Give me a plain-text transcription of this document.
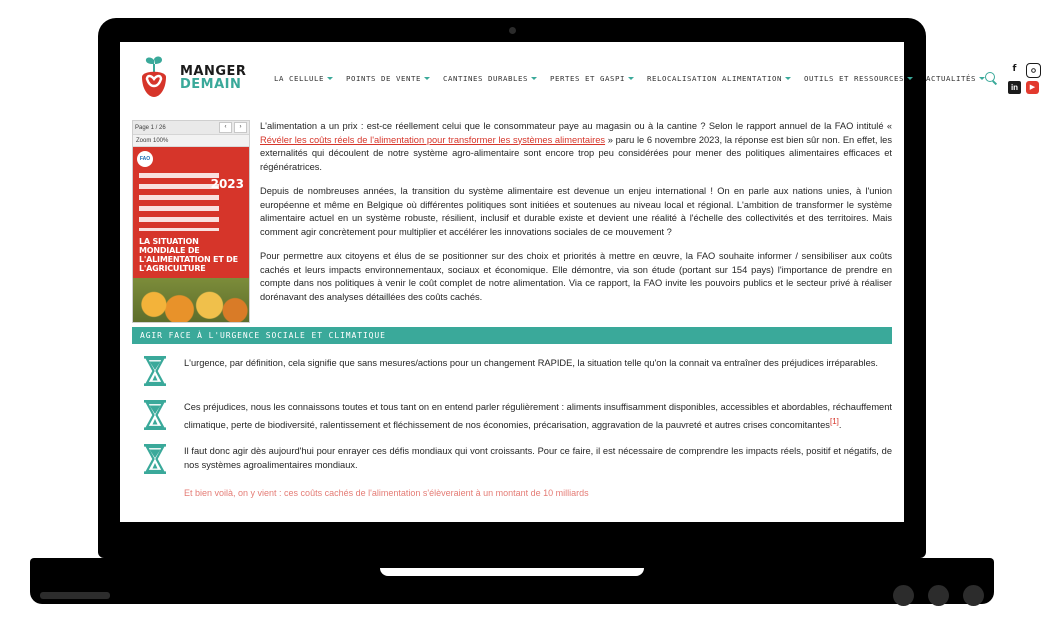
MANGER
DEMAIN	LA CELLULE	POINTS DE VENTE	CANTINES DURABLES	PERTES ET GASPI	RELOCALISATION ALIMENTATION	OUTILS ET RESSOURCES	ACTUALITÉS
f
in	▶
Page 1 / 26	‹	›
Zoom 100%
FAO
2023
LA SITUATION MONDIALE DE L'ALIMENTATION ET DE L'AGRICULTURE

L'alimentation a un prix : est-ce réellement celui que le consommateur paye au magasin ou à la cantine ? Selon le rapport annuel de la FAO intitulé « Révéler les coûts réels de l'alimentation pour transformer les systèmes alimentaires » paru le 6 novembre 2023, la réponse est bien sûr non. En effet, les externalités qui découlent de notre système agro-alimentaire sont encore trop peu considérées pour mener des politiques alimentaires efficaces et régénératrices.

Depuis de nombreuses années, la transition du système alimentaire est devenue un enjeu international ! On en parle aux nations unies, à l'union européenne et même en Belgique où différentes politiques sont initiées et soutenues au niveau local et régional. L'ambition de transformer le système alimentaire actuel en un système robuste, résilient, inclusif et durable existe et devient une réalité à l'échelle des collectivités et des territoires. Mais comment agir concrètement pour multiplier et accélérer les innovations sociales de ce mouvement ?

Pour permettre aux citoyens et élus de se positionner sur des choix et priorités à mettre en œuvre, la FAO souhaite informer / sensibiliser aux coûts cachés et leurs impacts environnementaux, sociaux et économique. Elle démontre, via son étude (portant sur 154 pays) l'importance de prendre en compte dans nos politiques à venir le coût complet de notre alimentation. Via ce rapport, la FAO invite les pouvoirs publics et le secteur privé à réaliser dorénavant des analyses détaillées des coûts cachés.

AGIR FACE À L'URGENCE SOCIALE ET CLIMATIQUE
L'urgence, par définition, cela signifie que sans mesures/actions pour un changement RAPIDE, la situation telle qu'on la connait va entraîner des préjudices irréparables.
Ces préjudices, nous les connaissons toutes et tous tant on en entend parler régulièrement : aliments insuffisamment disponibles, accessibles et abordables, réchauffement climatique, perte de biodiversité, ralentissement et fléchissement de nos économies, précarisation, aggravation de la pauvreté et autres crises concomitantes[1].
Il faut donc agir dès aujourd'hui pour enrayer ces défis mondiaux qui vont croissants. Pour ce faire, il est nécessaire de comprendre les impacts réels, positif et négatifs, de nos systèmes agroalimentaires mondiaux.
Et bien voilà, on y vient : ces coûts cachés de l'alimentation s'élèveraient à un montant de 10 milliards
